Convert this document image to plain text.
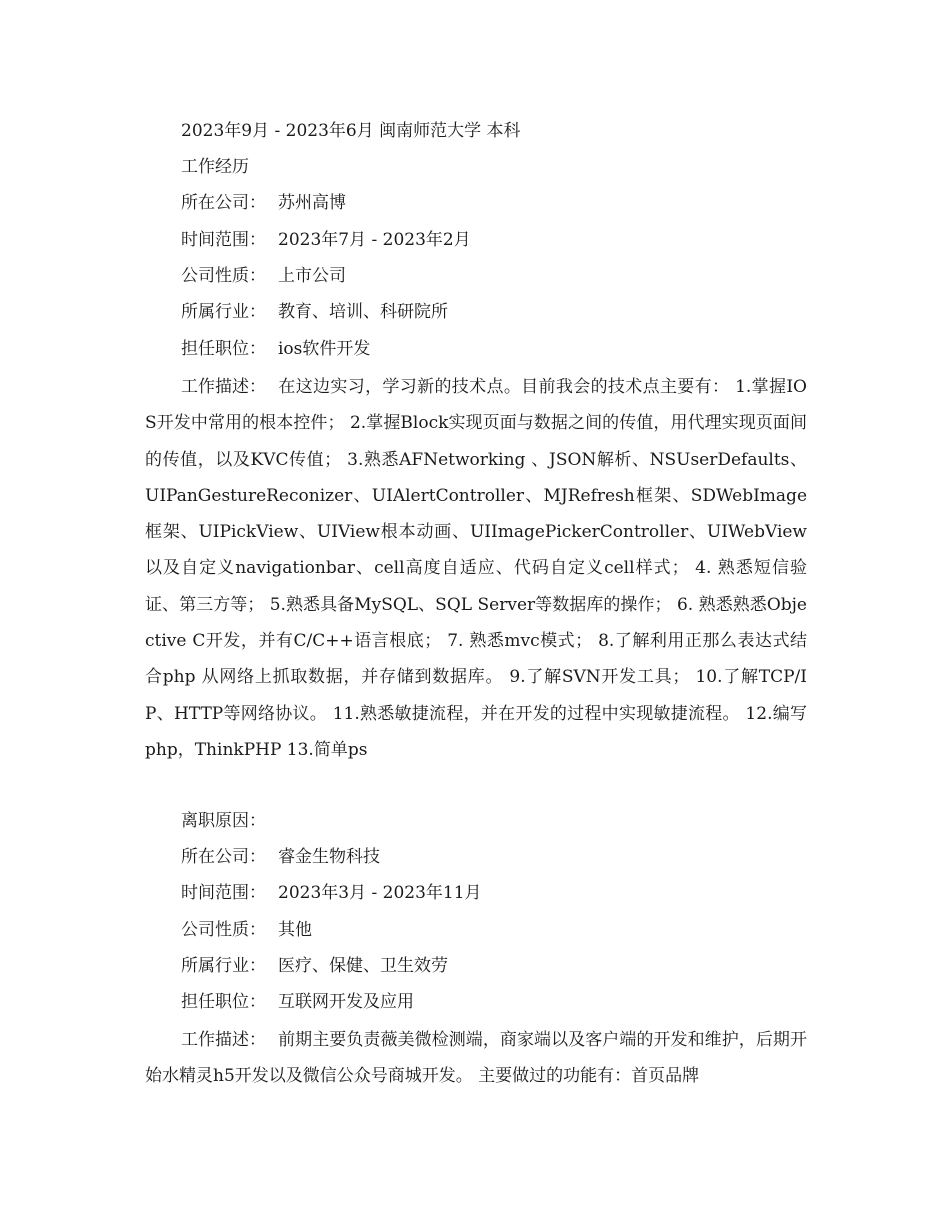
2023年9月 - 2023年6月 闽南师范大学 本科
工作经历
所在公司： 苏州高博
时间范围： 2023年7月 - 2023年2月
公司性质： 上市公司
所属行业： 教育、培训、科研院所
担任职位： ios软件开发
工作描述： 在这边实习，学习新的技术点。目前我会的技术点主要有： 1.掌握IOS开发中常用的根本控件； 2.掌握Block实现页面与数据之间的传值，用代理实现页面间的传值，以及KVC传值； 3.熟悉AFNetworking 、JSON解析、NSUserDefaults、UIPanGestureReconizer、UIAlertController、MJRefresh框架、SDWebImage 框架、UIPickView、UIView根本动画、UIImagePickerController、UIWebView以及自定义navigationbar、cell高度自适应、代码自定义cell样式； 4. 熟悉短信验证、第三方等； 5.熟悉具备MySQL、SQL Server等数据库的操作； 6. 熟悉熟悉Objective C开发，并有C/C++语言根底； 7. 熟悉mvc模式； 8.了解利用正那么表达式结合php 从网络上抓取数据，并存储到数据库。 9.了解SVN开发工具； 10.了解TCP/IP、HTTP等网络协议。 11.熟悉敏捷流程，并在开发的过程中实现敏捷流程。 12.编写php，ThinkPHP 13.简单ps
离职原因：
所在公司： 睿金生物科技
时间范围： 2023年3月 - 2023年11月
公司性质： 其他
所属行业： 医疗、保健、卫生效劳
担任职位： 互联网开发及应用
工作描述： 前期主要负责薇美微检测端，商家端以及客户端的开发和维护，后期开始水精灵h5开发以及微信公众号商城开发。 主要做过的功能有：首页品牌
